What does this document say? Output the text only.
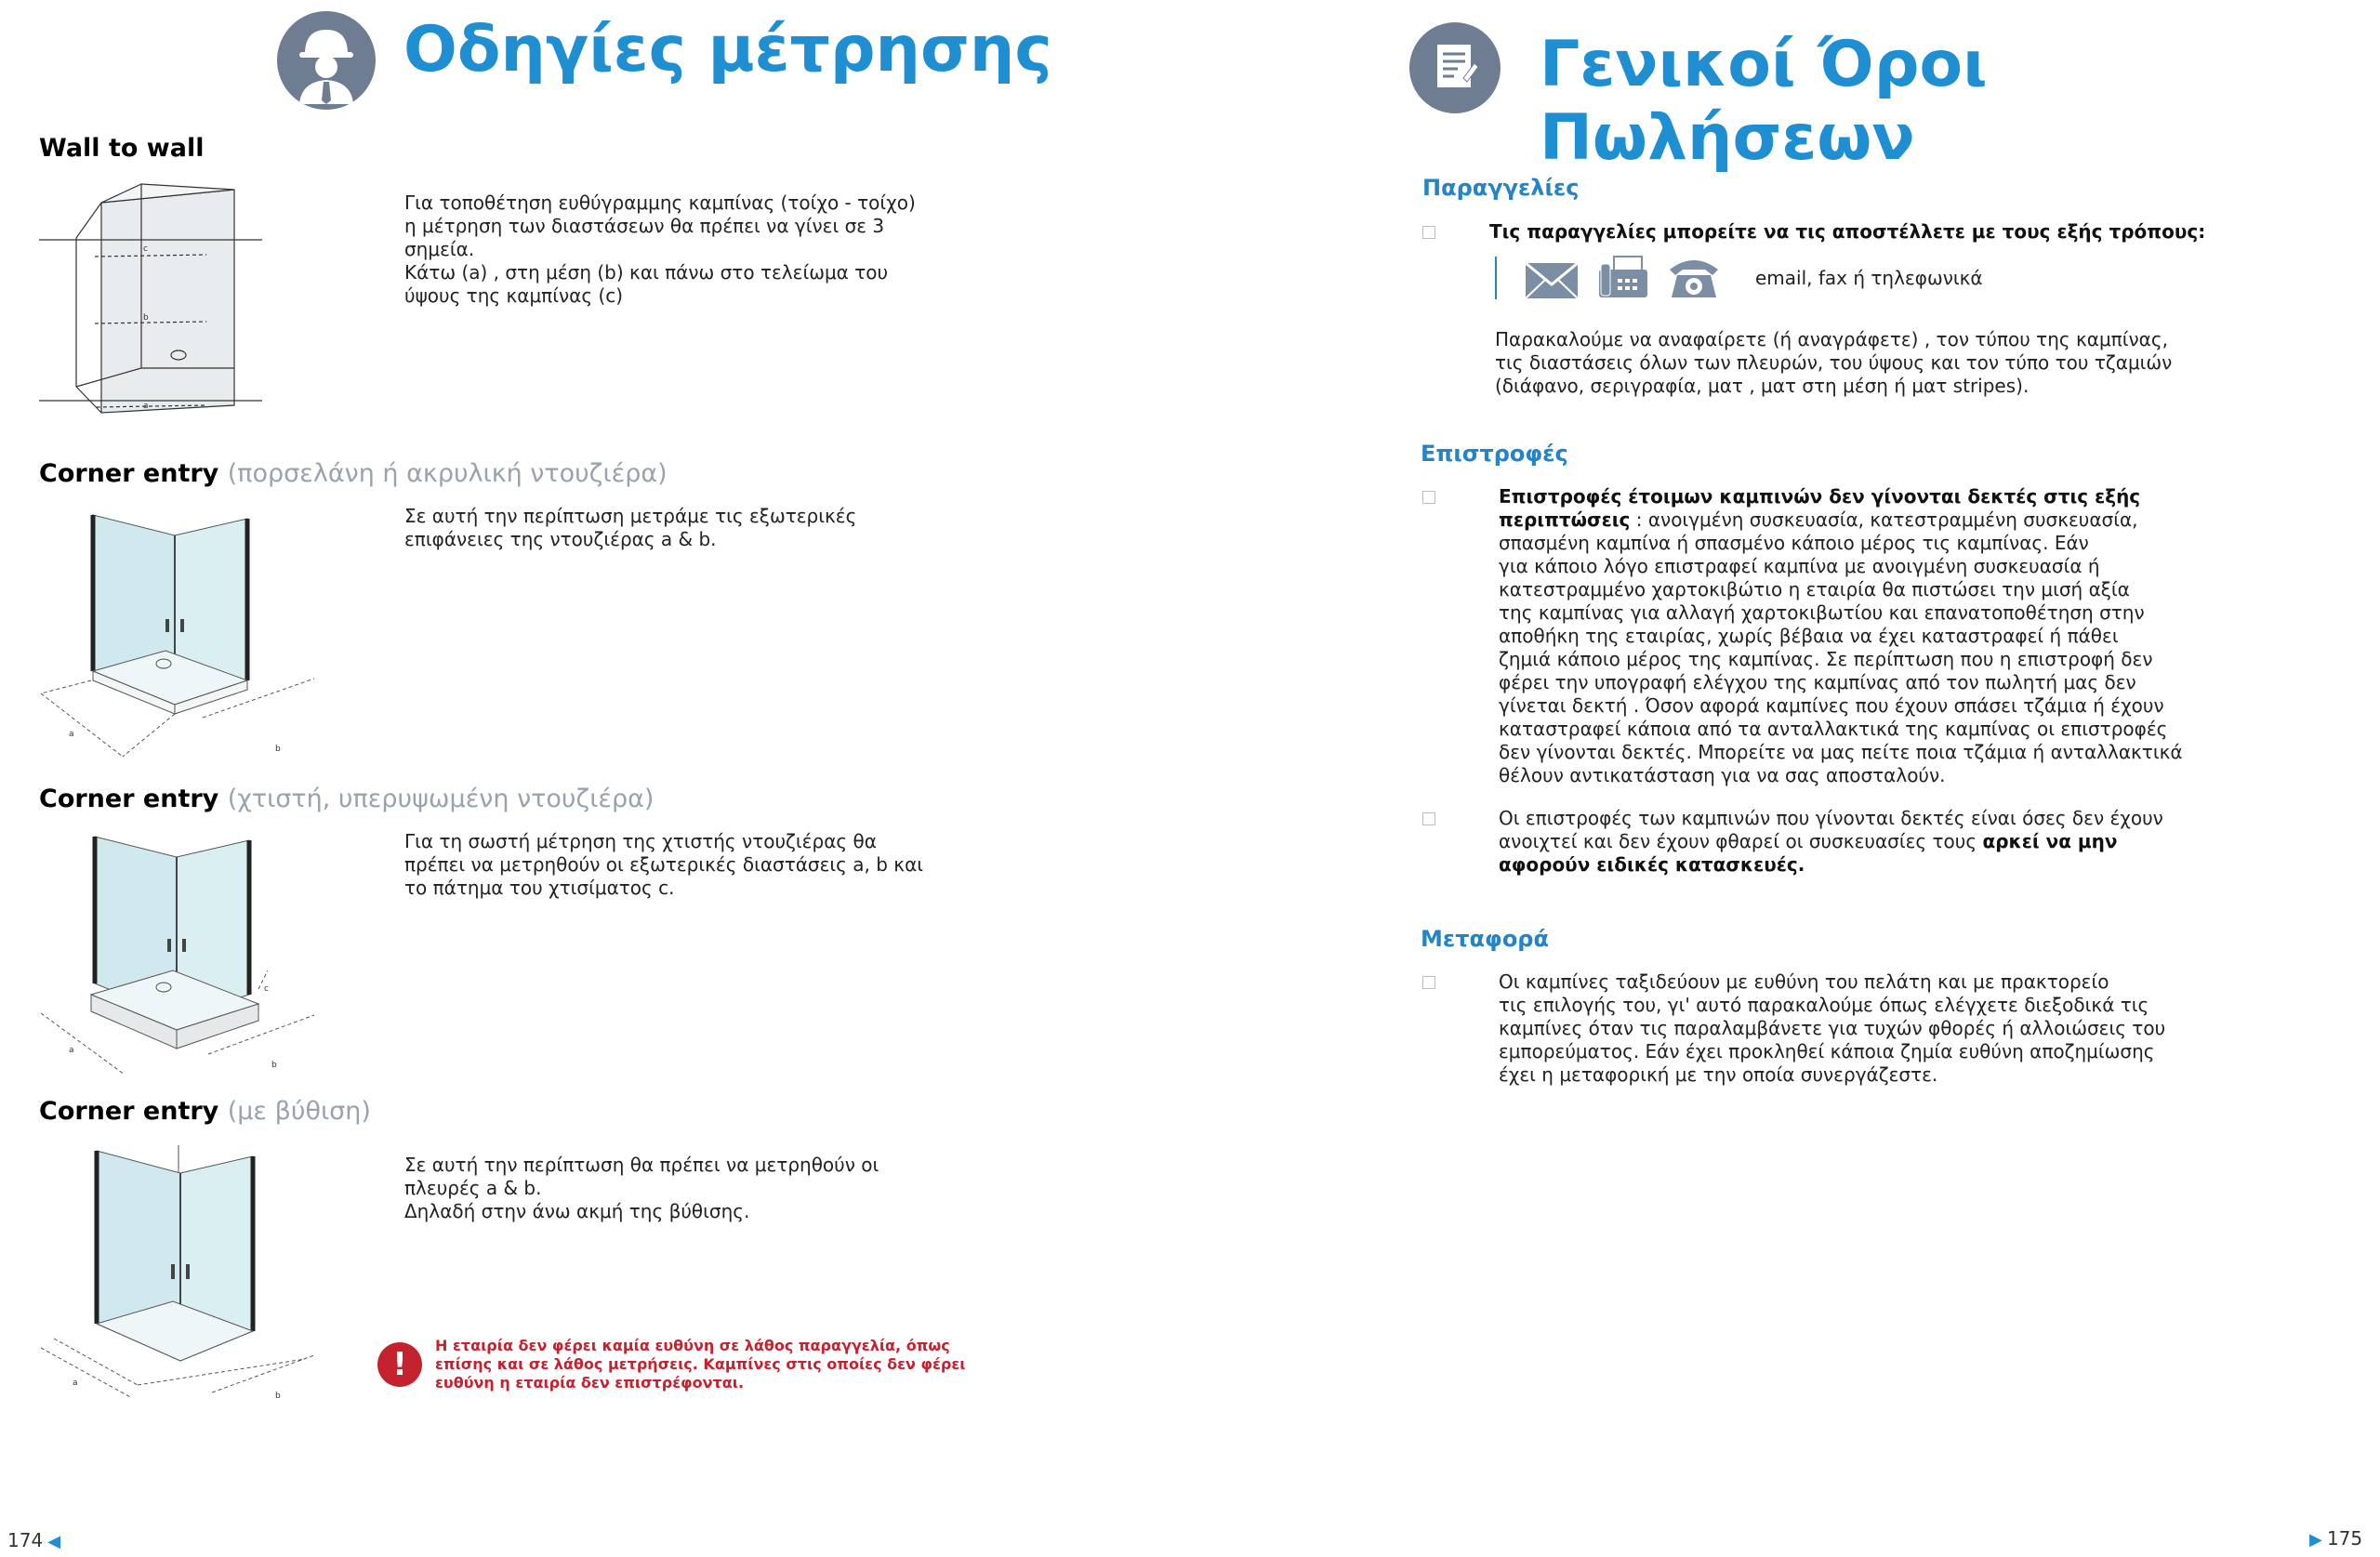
Οδηγίες μέτρησης
Wall to wall
c
b
a
Για τοποθέτηση ευθύγραμμης καμπίνας (τοίχο - τοίχο)
η μέτρηση των διαστάσεων θα πρέπει να γίνει σε 3
σημεία.
Κάτω (a) , στη μέση (b) και πάνω στο τελείωμα του
ύψους της καμπίνας (c)
Corner entry (πορσελάνη ή ακρυλική ντουζιέρα)
a
b
Σε αυτή την περίπτωση μετράμε τις εξωτερικές
επιφάνειες της ντουζιέρας a & b.
Corner entry (χτιστή, υπερυψωμένη ντουζιέρα)
a
b
c
Για τη σωστή μέτρηση της χτιστής ντουζιέρας θα
πρέπει να μετρηθούν οι εξωτερικές διαστάσεις a, b και
το πάτημα του χτισίματος c.
Corner entry (με βύθιση)
a
b
Σε αυτή την περίπτωση θα πρέπει να μετρηθούν οι
πλευρές a & b.
Δηλαδή στην άνω ακμή της βύθισης.
!
Η εταιρία δεν φέρει καμία ευθύνη σε λάθος παραγγελία, όπως
επίσης και σε λάθος μετρήσεις. Καμπίνες στις οποίες δεν φέρει
ευθύνη η εταιρία δεν επιστρέφονται.
174 ◀
Γενικοί Όροι Πωλήσεων
Παραγγελίες
Τις παραγγελίες μπορείτε να τις αποστέλλετε με τους εξής τρόπους:
email, fax ή τηλεφωνικά
Παρακαλούμε να αναφαίρετε (ή αναγράφετε) , τον τύπου της καμπίνας,
τις διαστάσεις όλων των πλευρών, του ύψους και τον τύπο του τζαμιών
(διάφανο, σεριγραφία, ματ , ματ στη μέση ή ματ stripes).
Επιστροφές
Επιστροφές έτοιμων καμπινών δεν γίνονται δεκτές στις εξής
περιπτώσεις : ανοιγμένη συσκευασία, κατεστραμμένη συσκευασία,
σπασμένη καμπίνα ή σπασμένο κάποιο μέρος τις καμπίνας. Εάν
για κάποιο λόγο επιστραφεί καμπίνα με ανοιγμένη συσκευασία ή
κατεστραμμένο χαρτοκιβώτιο η εταιρία θα πιστώσει την μισή αξία
της καμπίνας για αλλαγή χαρτοκιβωτίου και επανατοποθέτηση στην
αποθήκη της εταιρίας, χωρίς βέβαια να έχει καταστραφεί ή πάθει
ζημιά κάποιο μέρος της καμπίνας. Σε περίπτωση που η επιστροφή δεν
φέρει την υπογραφή ελέγχου της καμπίνας από τον πωλητή μας δεν
γίνεται δεκτή . Όσον αφορά καμπίνες που έχουν σπάσει τζάμια ή έχουν
καταστραφεί κάποια από τα ανταλλακτικά της καμπίνας οι επιστροφές
δεν γίνονται δεκτές. Μπορείτε να μας πείτε ποια τζάμια ή ανταλλακτικά
θέλουν αντικατάσταση για να σας αποσταλούν.
Οι επιστροφές των καμπινών που γίνονται δεκτές είναι όσες δεν έχουν
ανοιχτεί και δεν έχουν φθαρεί οι συσκευασίες τους αρκεί να μην
αφορούν ειδικές κατασκευές.
Μεταφορά
Οι καμπίνες ταξιδεύουν με ευθύνη του πελάτη και με πρακτορείο
τις επιλογής του, γι' αυτό παρακαλούμε όπως ελέγχετε διεξοδικά τις
καμπίνες όταν τις παραλαμβάνετε για τυχών φθορές ή αλλοιώσεις του
εμπορεύματος. Εάν έχει προκληθεί κάποια ζημία ευθύνη αποζημίωσης
έχει η μεταφορική με την οποία συνεργάζεστε.
▶ 175
